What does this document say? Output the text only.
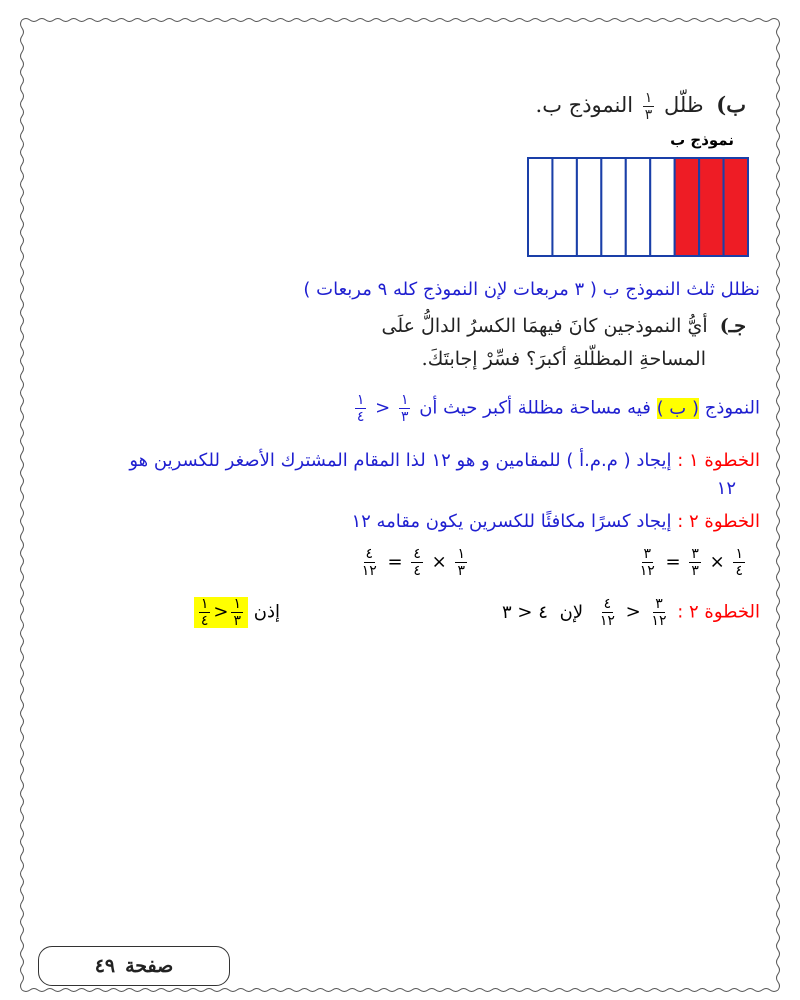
ب) ظلّل
$\frac{١}{٣}$
النموذج ب.
نموذج ب
نظلل ثلث النموذج ب ( ٣ مربعات لإن النموذج كله ٩ مربعات )
جـ) أيُّ النموذجين كانَ فيهمَا الكسرُ الدالُّ علَى
المساحةِ المظلّلةِ أكبرَ؟ فسِّرْ إجابتَكَ.
النموذج ( ب ) فيه مساحة مظللة أكبر حيث أن
$\frac{١}{٣}$
<
$\frac{١}{٤}$
الخطوة ١ : إيجاد ( م.م.أ ) للمقامين و هو ١٢ لذا المقام المشترك الأصغر للكسرين هو
١٢
الخطوة ٢ : إيجاد كسرًا مكافئًا للكسرين يكون مقامه ١٢
$\frac{١}{٤}$
×
$\frac{٣}{٣}$
=
$\frac{٣}{١٢}$
$\frac{١}{٣}$
×
$\frac{٤}{٤}$
=
$\frac{٤}{١٢}$
الخطوة ٢ :
$\frac{٣}{١٢}$
<
$\frac{٤}{١٢}$
لإن ٤ < ٣
إذن
$\frac{١}{٣}$
<
$\frac{١}{٤}$
صفحة
٤٩
